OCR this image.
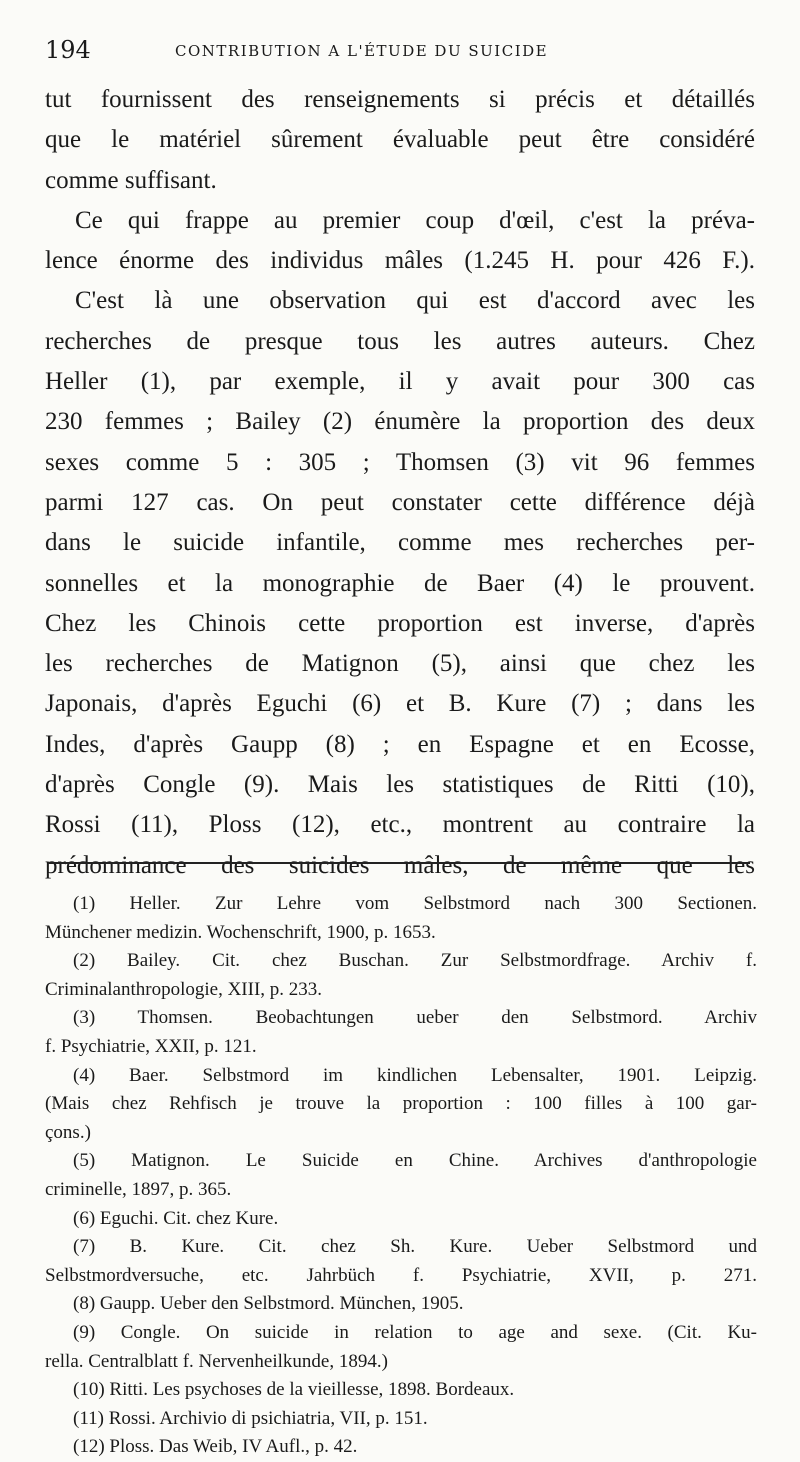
194	CONTRIBUTION A L'ÉTUDE DU SUICIDE
tut fournissent des renseignements si précis et détaillés
que le matériel sûrement évaluable peut être considéré
comme suffisant.
Ce qui frappe au premier coup d'œil, c'est la préva-
lence énorme des individus mâles (1.245 H. pour 426 F.).
C'est là une observation qui est d'accord avec les
recherches de presque tous les autres auteurs. Chez
Heller (1), par exemple, il y avait pour 300 cas
230 femmes ; Bailey (2) énumère la proportion des deux
sexes comme 5 : 305 ; Thomsen (3) vit 96 femmes
parmi 127 cas. On peut constater cette différence déjà
dans le suicide infantile, comme mes recherches per-
sonnelles et la monographie de Baer (4) le prouvent.
Chez les Chinois cette proportion est inverse, d'après
les recherches de Matignon (5), ainsi que chez les
Japonais, d'après Eguchi (6) et B. Kure (7) ; dans les
Indes, d'après Gaupp (8) ; en Espagne et en Ecosse,
d'après Congle (9). Mais les statistiques de Ritti (10),
Rossi (11), Ploss (12), etc., montrent au contraire la
prédominance des suicides mâles, de même que les
(1) Heller. Zur Lehre vom Selbstmord nach 300 Sectionen.
Münchener medizin. Wochenschrift, 1900, p. 1653.
(2) Bailey. Cit. chez Buschan. Zur Selbstmordfrage. Archiv f.
Criminalanthropologie, XIII, p. 233.
(3) Thomsen. Beobachtungen ueber den Selbstmord. Archiv
f. Psychiatrie, XXII, p. 121.
(4) Baer. Selbstmord im kindlichen Lebensalter, 1901. Leipzig.
(Mais chez Rehfisch je trouve la proportion : 100 filles à 100 gar-
çons.)
(5) Matignon. Le Suicide en Chine. Archives d'anthropologie
criminelle, 1897, p. 365.
(6) Eguchi. Cit. chez Kure.
(7) B. Kure. Cit. chez Sh. Kure. Ueber Selbstmord und
Selbstmordversuche, etc. Jahrbüch f. Psychiatrie, XVII, p. 271.
(8) Gaupp. Ueber den Selbstmord. München, 1905.
(9) Congle. On suicide in relation to age and sexe. (Cit. Ku-
rella. Centralblatt f. Nervenheilkunde, 1894.)
(10) Ritti. Les psychoses de la vieillesse, 1898. Bordeaux.
(11) Rossi. Archivio di psichiatria, VII, p. 151.
(12) Ploss. Das Weib, IV Aufl., p. 42.
